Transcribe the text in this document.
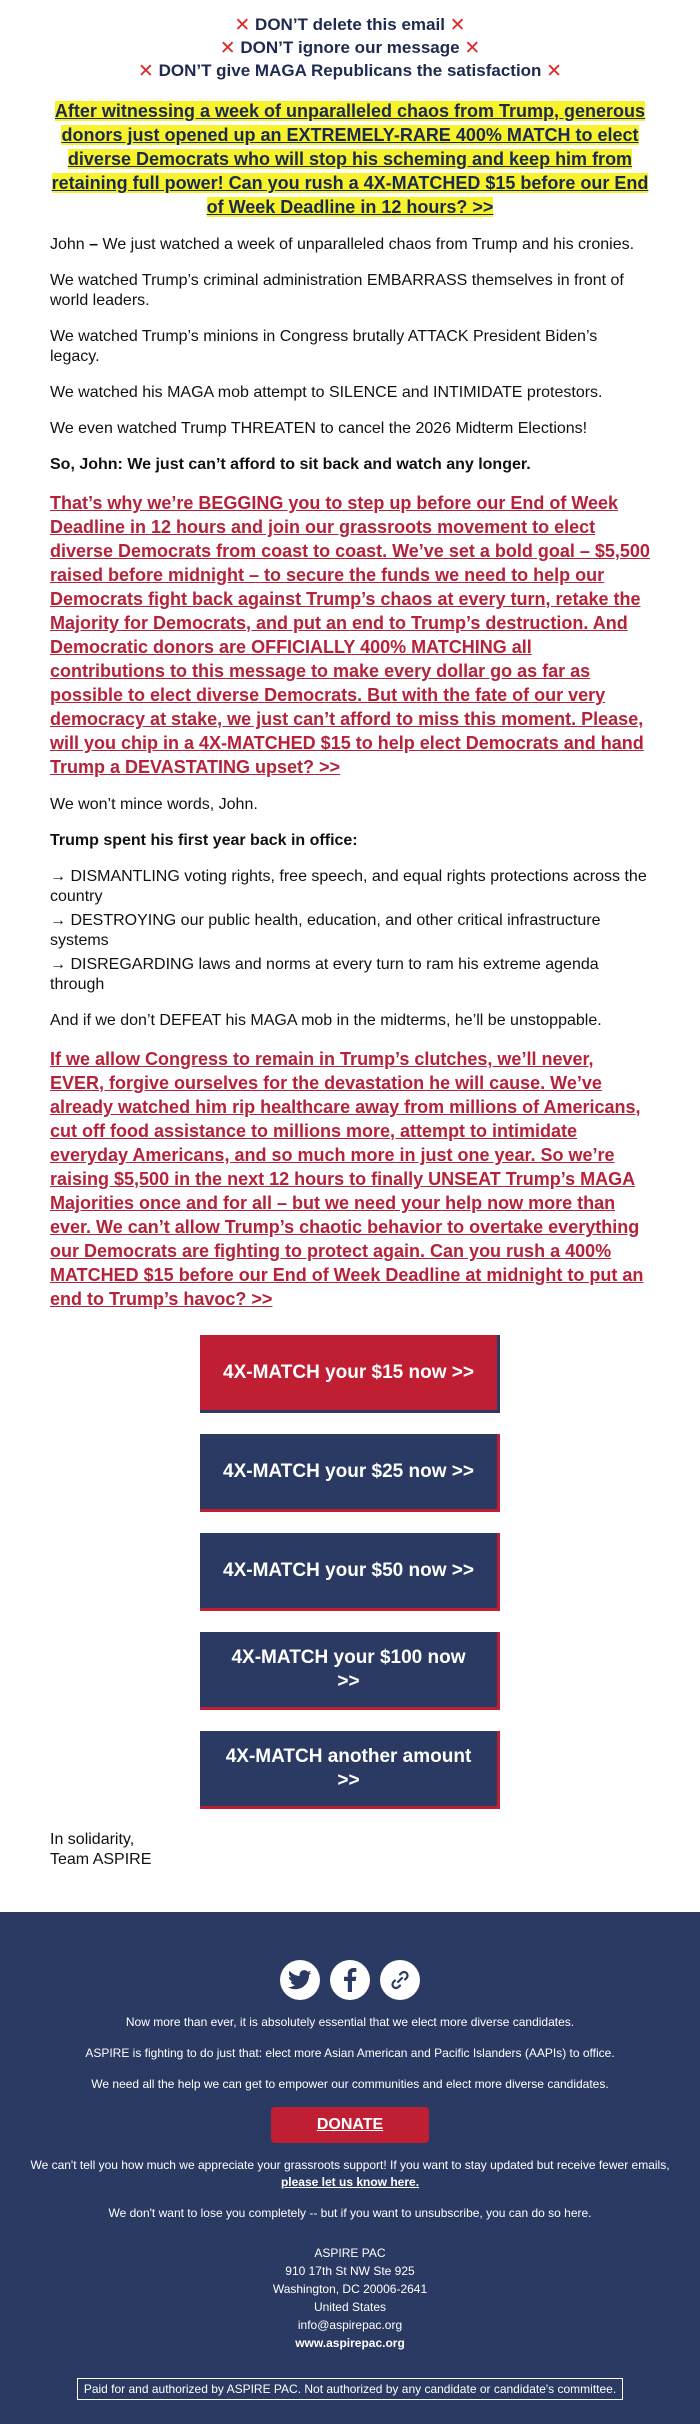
✕ DON’T delete this email ✕
✕ DON’T ignore our message ✕
✕ DON’T give MAGA Republicans the satisfaction ✕
After witnessing a week of unparalleled chaos from Trump, generous donors just opened up an EXTREMELY-RARE 400% MATCH to elect diverse Democrats who will stop his scheming and keep him from retaining full power! Can you rush a 4X-MATCHED $15 before our End of Week Deadline in 12 hours? >>

John – We just watched a week of unparalleled chaos from Trump and his cronies.

We watched Trump’s criminal administration EMBARRASS themselves in front of world leaders.

We watched Trump’s minions in Congress brutally ATTACK President Biden’s legacy.

We watched his MAGA mob attempt to SILENCE and INTIMIDATE protestors.

We even watched Trump THREATEN to cancel the 2026 Midterm Elections!

So, John: We just can’t afford to sit back and watch any longer.

That’s why we’re BEGGING you to step up before our End of Week Deadline in 12 hours and join our grassroots movement to elect diverse Democrats from coast to coast. We’ve set a bold goal – $5,500 raised before midnight – to secure the funds we need to help our Democrats fight back against Trump’s chaos at every turn, retake the Majority for Democrats, and put an end to Trump’s destruction. And Democratic donors are OFFICIALLY 400% MATCHING all contributions to this message to make every dollar go as far as possible to elect diverse Democrats. But with the fate of our very democracy at stake, we just can’t afford to miss this moment. Please, will you chip in a 4X-MATCHED $15 to help elect Democrats and hand Trump a DEVASTATING upset? >>

We won’t mince words, John.

Trump spent his first year back in office:

→ DISMANTLING voting rights, free speech, and equal rights protections across the country
→ DESTROYING our public health, education, and other critical infrastructure systems
→ DISREGARDING laws and norms at every turn to ram his extreme agenda through

And if we don’t DEFEAT his MAGA mob in the midterms, he’ll be unstoppable.

If we allow Congress to remain in Trump’s clutches, we’ll never, EVER, forgive ourselves for the devastation he will cause. We’ve already watched him rip healthcare away from millions of Americans, cut off food assistance to millions more, attempt to intimidate everyday Americans, and so much more in just one year. So we’re raising $5,500 in the next 12 hours to finally UNSEAT Trump’s MAGA Majorities once and for all – but we need your help now more than ever. We can’t allow Trump’s chaotic behavior to overtake everything our Democrats are fighting to protect again. Can you rush a 400% MATCHED $15 before our End of Week Deadline at midnight to put an end to Trump’s havoc? >>
4X-MATCH your $15 now >>
4X-MATCH your $25 now >>
4X-MATCH your $50 now >>
4X-MATCH your $100 now >>
4X-MATCH another amount >>
In solidarity,
Team ASPIRE

Now more than ever, it is absolutely essential that we elect more diverse candidates.

ASPIRE is fighting to do just that: elect more Asian American and Pacific Islanders (AAPIs) to office.

We need all the help we can get to empower our communities and elect more diverse candidates.

DONATE

We can't tell you how much we appreciate your grassroots support! If you want to stay updated but receive fewer emails,
please let us know here.

We don't want to lose you completely -- but if you want to unsubscribe, you can do so here.

ASPIRE PAC
910 17th St NW Ste 925
Washington, DC 20006-2641
United States
info@aspirepac.org
www.aspirepac.org
Paid for and authorized by ASPIRE PAC. Not authorized by any candidate or candidate's committee.
